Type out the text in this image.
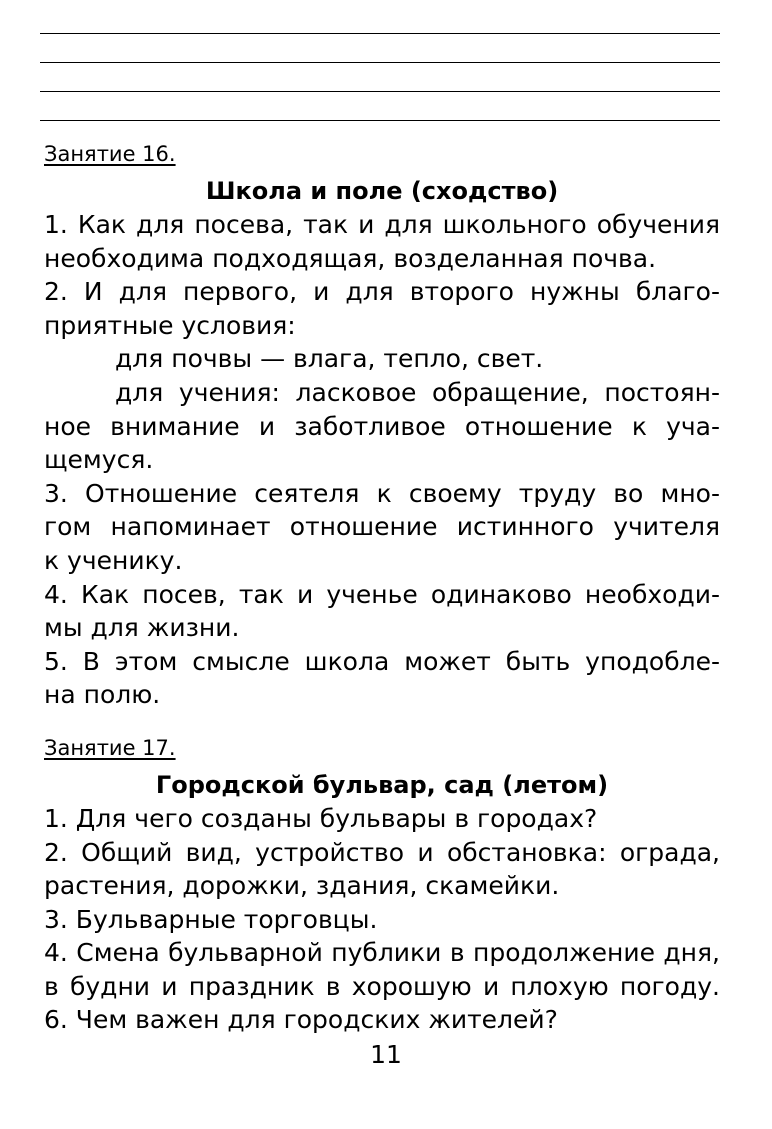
Занятие 16.
Школа и поле (сходство)
1. Как для посева, так и для школьного обучения
необходима подходящая, возделанная почва.
2. И для первого, и для второго нужны благо-
приятные условия:
для почвы — влага, тепло, свет.
для учения: ласковое обращение, постоян-
ное внимание и заботливое отношение к уча-
щемуся.
3. Отношение сеятеля к своему труду во мно-
гом напоминает отношение истинного учителя
к ученику.
4. Как посев, так и ученье одинаково необходи-
мы для жизни.
5. В этом смысле школа может быть уподобле-
на полю.
Занятие 17.
Городской бульвар, сад (летом)
1. Для чего созданы бульвары в городах?
2. Общий вид, устройство и обстановка: ограда,
растения, дорожки, здания, скамейки.
3. Бульварные торговцы.
4. Смена бульварной публики в продолжение дня,
в будни и праздник в хорошую и плохую погоду.
6. Чем важен для городских жителей?
11
